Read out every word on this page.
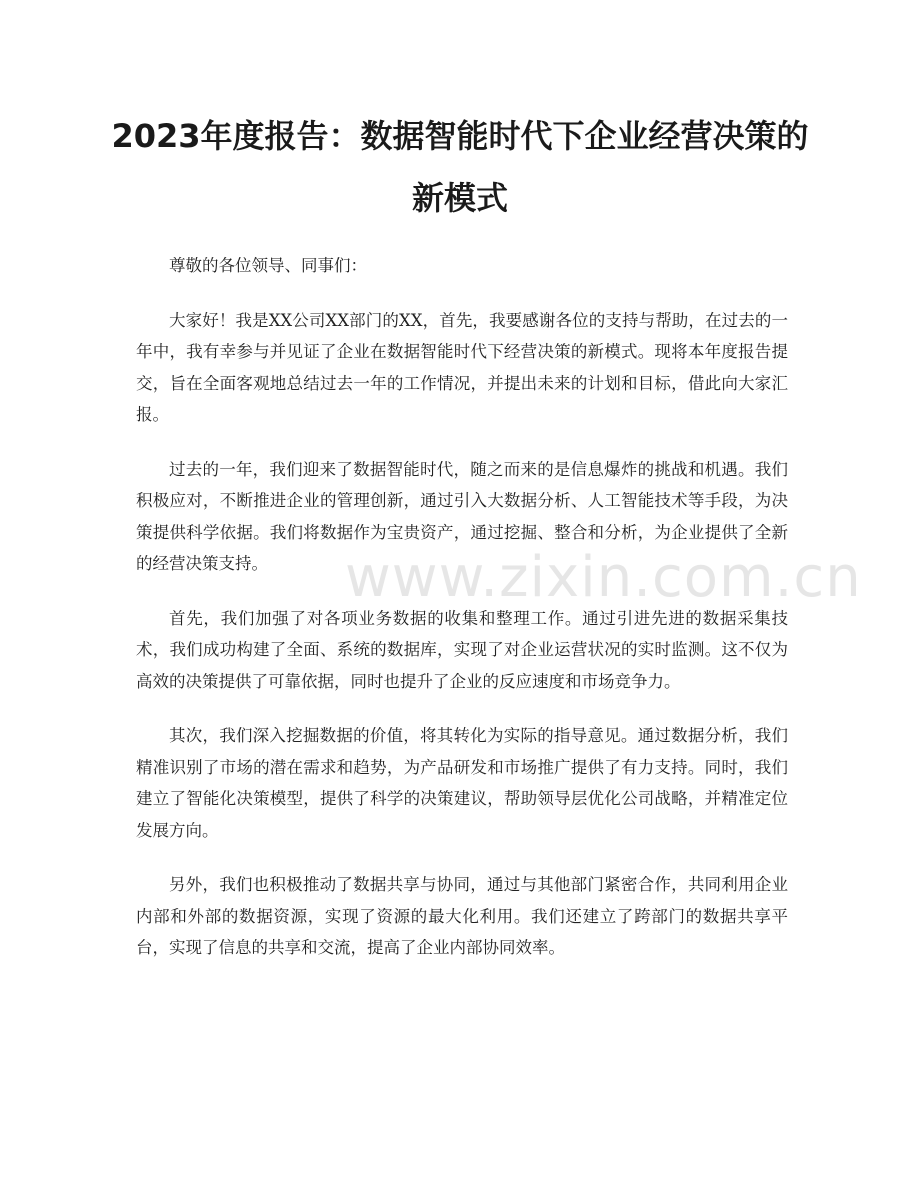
2023年度报告：数据智能时代下企业经营决策的新模式

尊敬的各位领导、同事们：

大家好！我是XX公司XX部门的XX，首先，我要感谢各位的支持与帮助，在过去的一年中，我有幸参与并见证了企业在数据智能时代下经营决策的新模式。现将本年度报告提交，旨在全面客观地总结过去一年的工作情况，并提出未来的计划和目标，借此向大家汇报。

过去的一年，我们迎来了数据智能时代，随之而来的是信息爆炸的挑战和机遇。我们积极应对，不断推进企业的管理创新，通过引入大数据分析、人工智能技术等手段，为决策提供科学依据。我们将数据作为宝贵资产，通过挖掘、整合和分析，为企业提供了全新的经营决策支持。

首先，我们加强了对各项业务数据的收集和整理工作。通过引进先进的数据采集技术，我们成功构建了全面、系统的数据库，实现了对企业运营状况的实时监测。这不仅为高效的决策提供了可靠依据，同时也提升了企业的反应速度和市场竞争力。

其次，我们深入挖掘数据的价值，将其转化为实际的指导意见。通过数据分析，我们精准识别了市场的潜在需求和趋势，为产品研发和市场推广提供了有力支持。同时，我们建立了智能化决策模型，提供了科学的决策建议，帮助领导层优化公司战略，并精准定位发展方向。

另外，我们也积极推动了数据共享与协同，通过与其他部门紧密合作，共同利用企业内部和外部的数据资源，实现了资源的最大化利用。我们还建立了跨部门的数据共享平台，实现了信息的共享和交流，提高了企业内部协同效率。

www.zixin.com.cn
